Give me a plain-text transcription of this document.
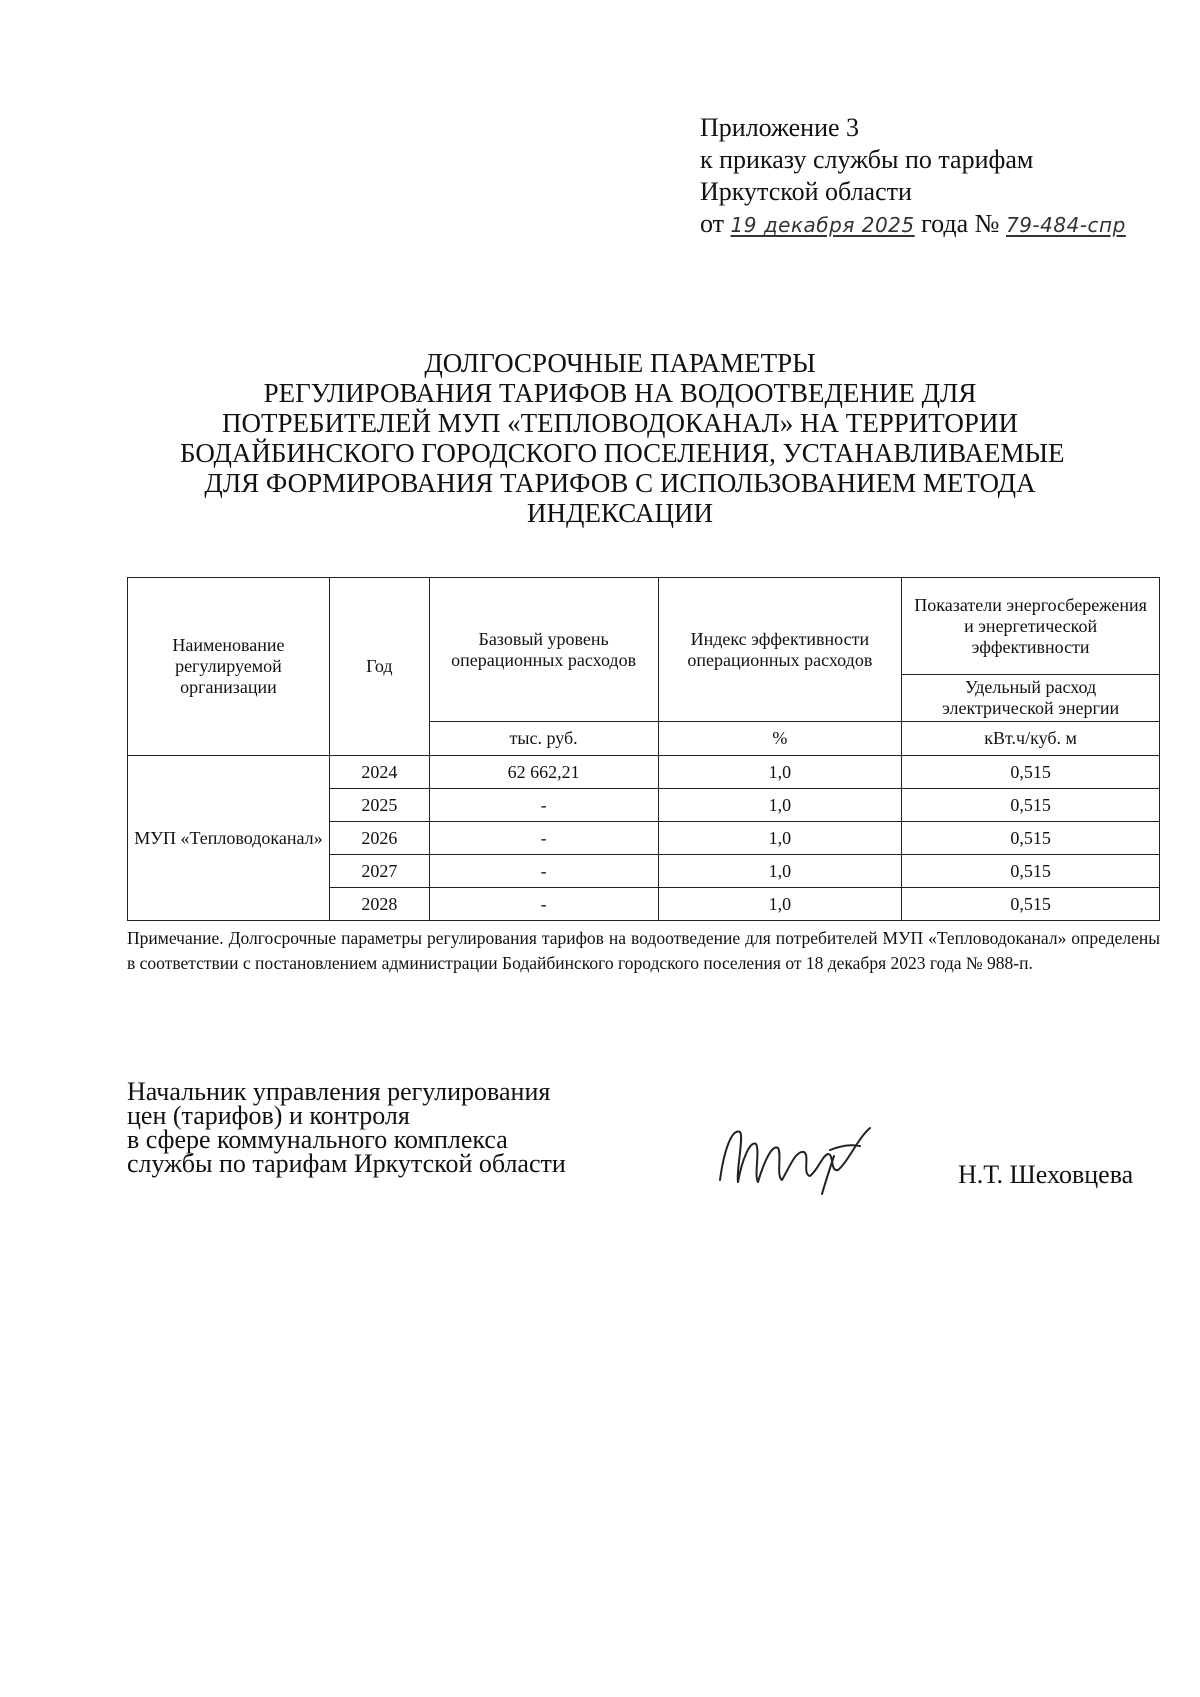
Приложение 3
к приказу службы по тарифам
Иркутской области
от 19 декабря 2025 года № 79-484-спр
ДОЛГОСРОЧНЫЕ ПАРАМЕТРЫ
РЕГУЛИРОВАНИЯ ТАРИФОВ НА ВОДООТВЕДЕНИЕ ДЛЯ
ПОТРЕБИТЕЛЕЙ МУП «ТЕПЛОВОДОКАНАЛ» НА ТЕРРИТОРИИ
БОДАЙБИНСКОГО ГОРОДСКОГО ПОСЕЛЕНИЯ, УСТАНАВЛИВАЕМЫЕ
ДЛЯ ФОРМИРОВАНИЯ ТАРИФОВ С ИСПОЛЬЗОВАНИЕМ МЕТОДА
ИНДЕКСАЦИИ
Наименование регулируемой организации	Год	Базовый уровень операционных расходов	Индекс эффективности операционных расходов	Показатели энергосбережения и энергетической эффективности
				Удельный расход электрической энергии
		тыс. руб.	%	кВт.ч/куб. м
МУП «Тепловодоканал»	2024	62 662,21	1,0	0,515
	2025	-	1,0	0,515
	2026	-	1,0	0,515
	2027	-	1,0	0,515
	2028	-	1,0	0,515
Примечание. Долгосрочные параметры регулирования тарифов на водоотведение для потребителей МУП «Тепловодоканал» определены в соответствии с постановлением администрации Бодайбинского городского поселения от 18 декабря 2023 года № 988-п.
Начальник управления регулирования
цен (тарифов) и контроля
в сфере коммунального комплекса
службы по тарифам Иркутской области	Н.Т. Шеховцева
